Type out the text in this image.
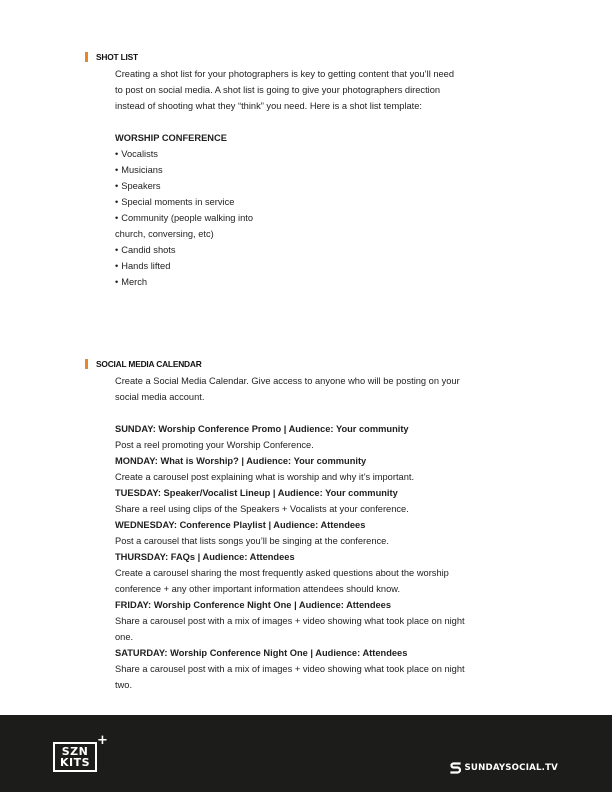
SHOT LIST
Creating a shot list for your photographers is key to getting content that you’ll need
to post on social media. A shot list is going to give your photographers direction
instead of shooting what they “think” you need. Here is a shot list template:
WORSHIP CONFERENCE
• Vocalists
• Musicians
• Speakers
• Special moments in service
• Community (people walking into
church, conversing, etc)
• Candid shots
• Hands lifted
• Merch
SOCIAL MEDIA CALENDAR
Create a Social Media Calendar. Give access to anyone who will be posting on your
social media account.
SUNDAY: Worship Conference Promo | Audience: Your community
Post a reel promoting your Worship Conference.
MONDAY: What is Worship? | Audience: Your community
Create a carousel post explaining what is worship and why it’s important.
TUESDAY: Speaker/Vocalist Lineup | Audience: Your community
Share a reel using clips of the Speakers + Vocalists at your conference.
WEDNESDAY: Conference Playlist | Audience: Attendees
Post a carousel that lists songs you’ll be singing at the conference.
THURSDAY: FAQs | Audience: Attendees
Create a carousel sharing the most frequently asked questions about the worship
conference + any other important information attendees should know.
FRIDAY: Worship Conference Night One | Audience: Attendees
Share a carousel post with a mix of images + video showing what took place on night
one.
SATURDAY: Worship Conference Night One | Audience: Attendees
Share a carousel post with a mix of images + video showing what took place on night
two.
SZN
KITS
+
SUNDAYSOCIAL.TV
